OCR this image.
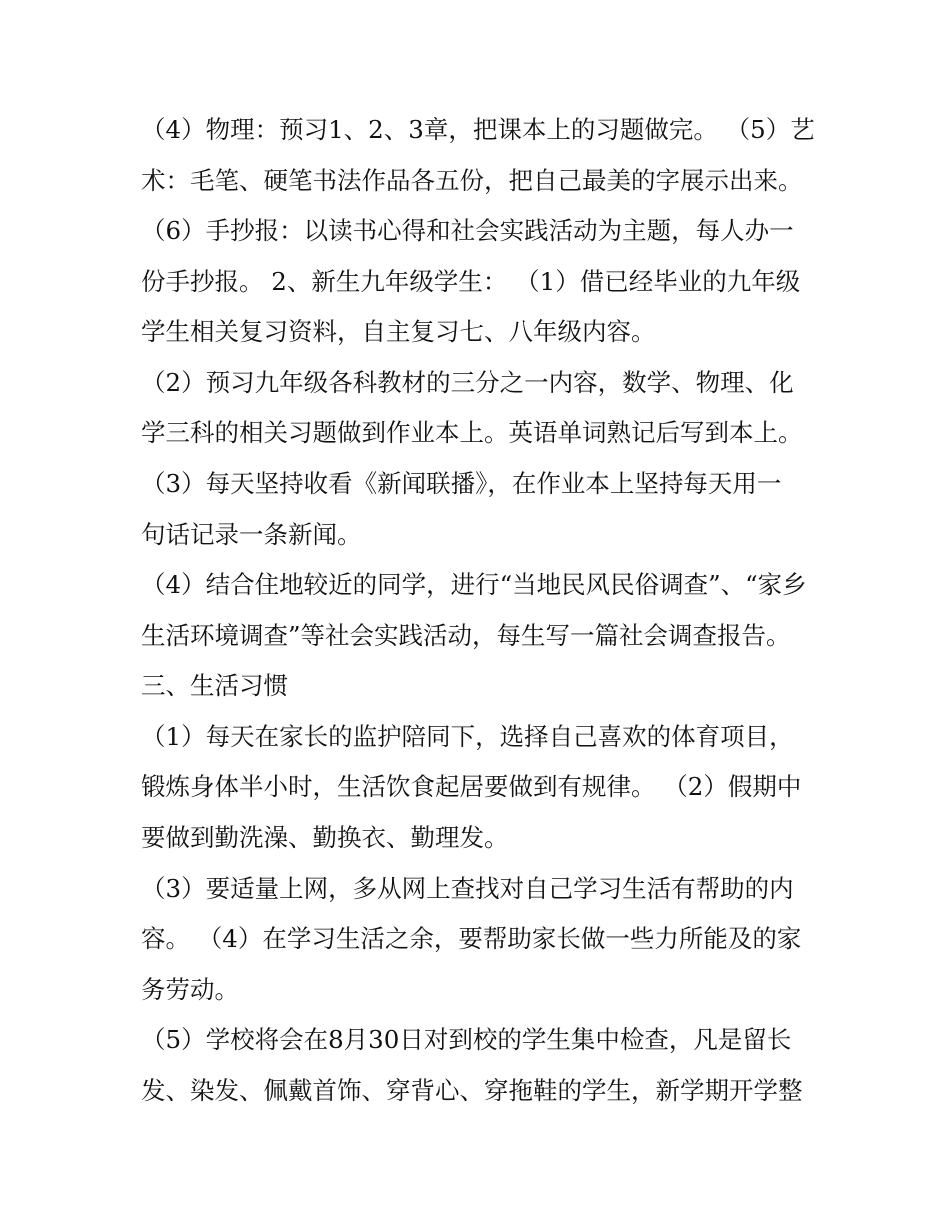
（4）物理：预习1、2、3章，把课本上的习题做完。 （5）艺
术：毛笔、硬笔书法作品各五份，把自己最美的字展示出来。
（6）手抄报：以读书心得和社会实践活动为主题，每人办一
份手抄报。 2、新生九年级学生： （1）借已经毕业的九年级
学生相关复习资料，自主复习七、八年级内容。
（2）预习九年级各科教材的三分之一内容，数学、物理、化
学三科的相关习题做到作业本上。英语单词熟记后写到本上。
（3）每天坚持收看《新闻联播》，在作业本上坚持每天用一
句话记录一条新闻。
（4）结合住地较近的同学，进行“当地民风民俗调查”、“家乡
生活环境调查”等社会实践活动，每生写一篇社会调查报告。
三、生活习惯
（1）每天在家长的监护陪同下，选择自己喜欢的体育项目，
锻炼身体半小时，生活饮食起居要做到有规律。 （2）假期中
要做到勤洗澡、勤换衣、勤理发。
（3）要适量上网，多从网上查找对自己学习生活有帮助的内
容。 （4）在学习生活之余，要帮助家长做一些力所能及的家
务劳动。
（5）学校将会在8月30日对到校的学生集中检查，凡是留长
发、染发、佩戴首饰、穿背心、穿拖鞋的学生，新学期开学整
